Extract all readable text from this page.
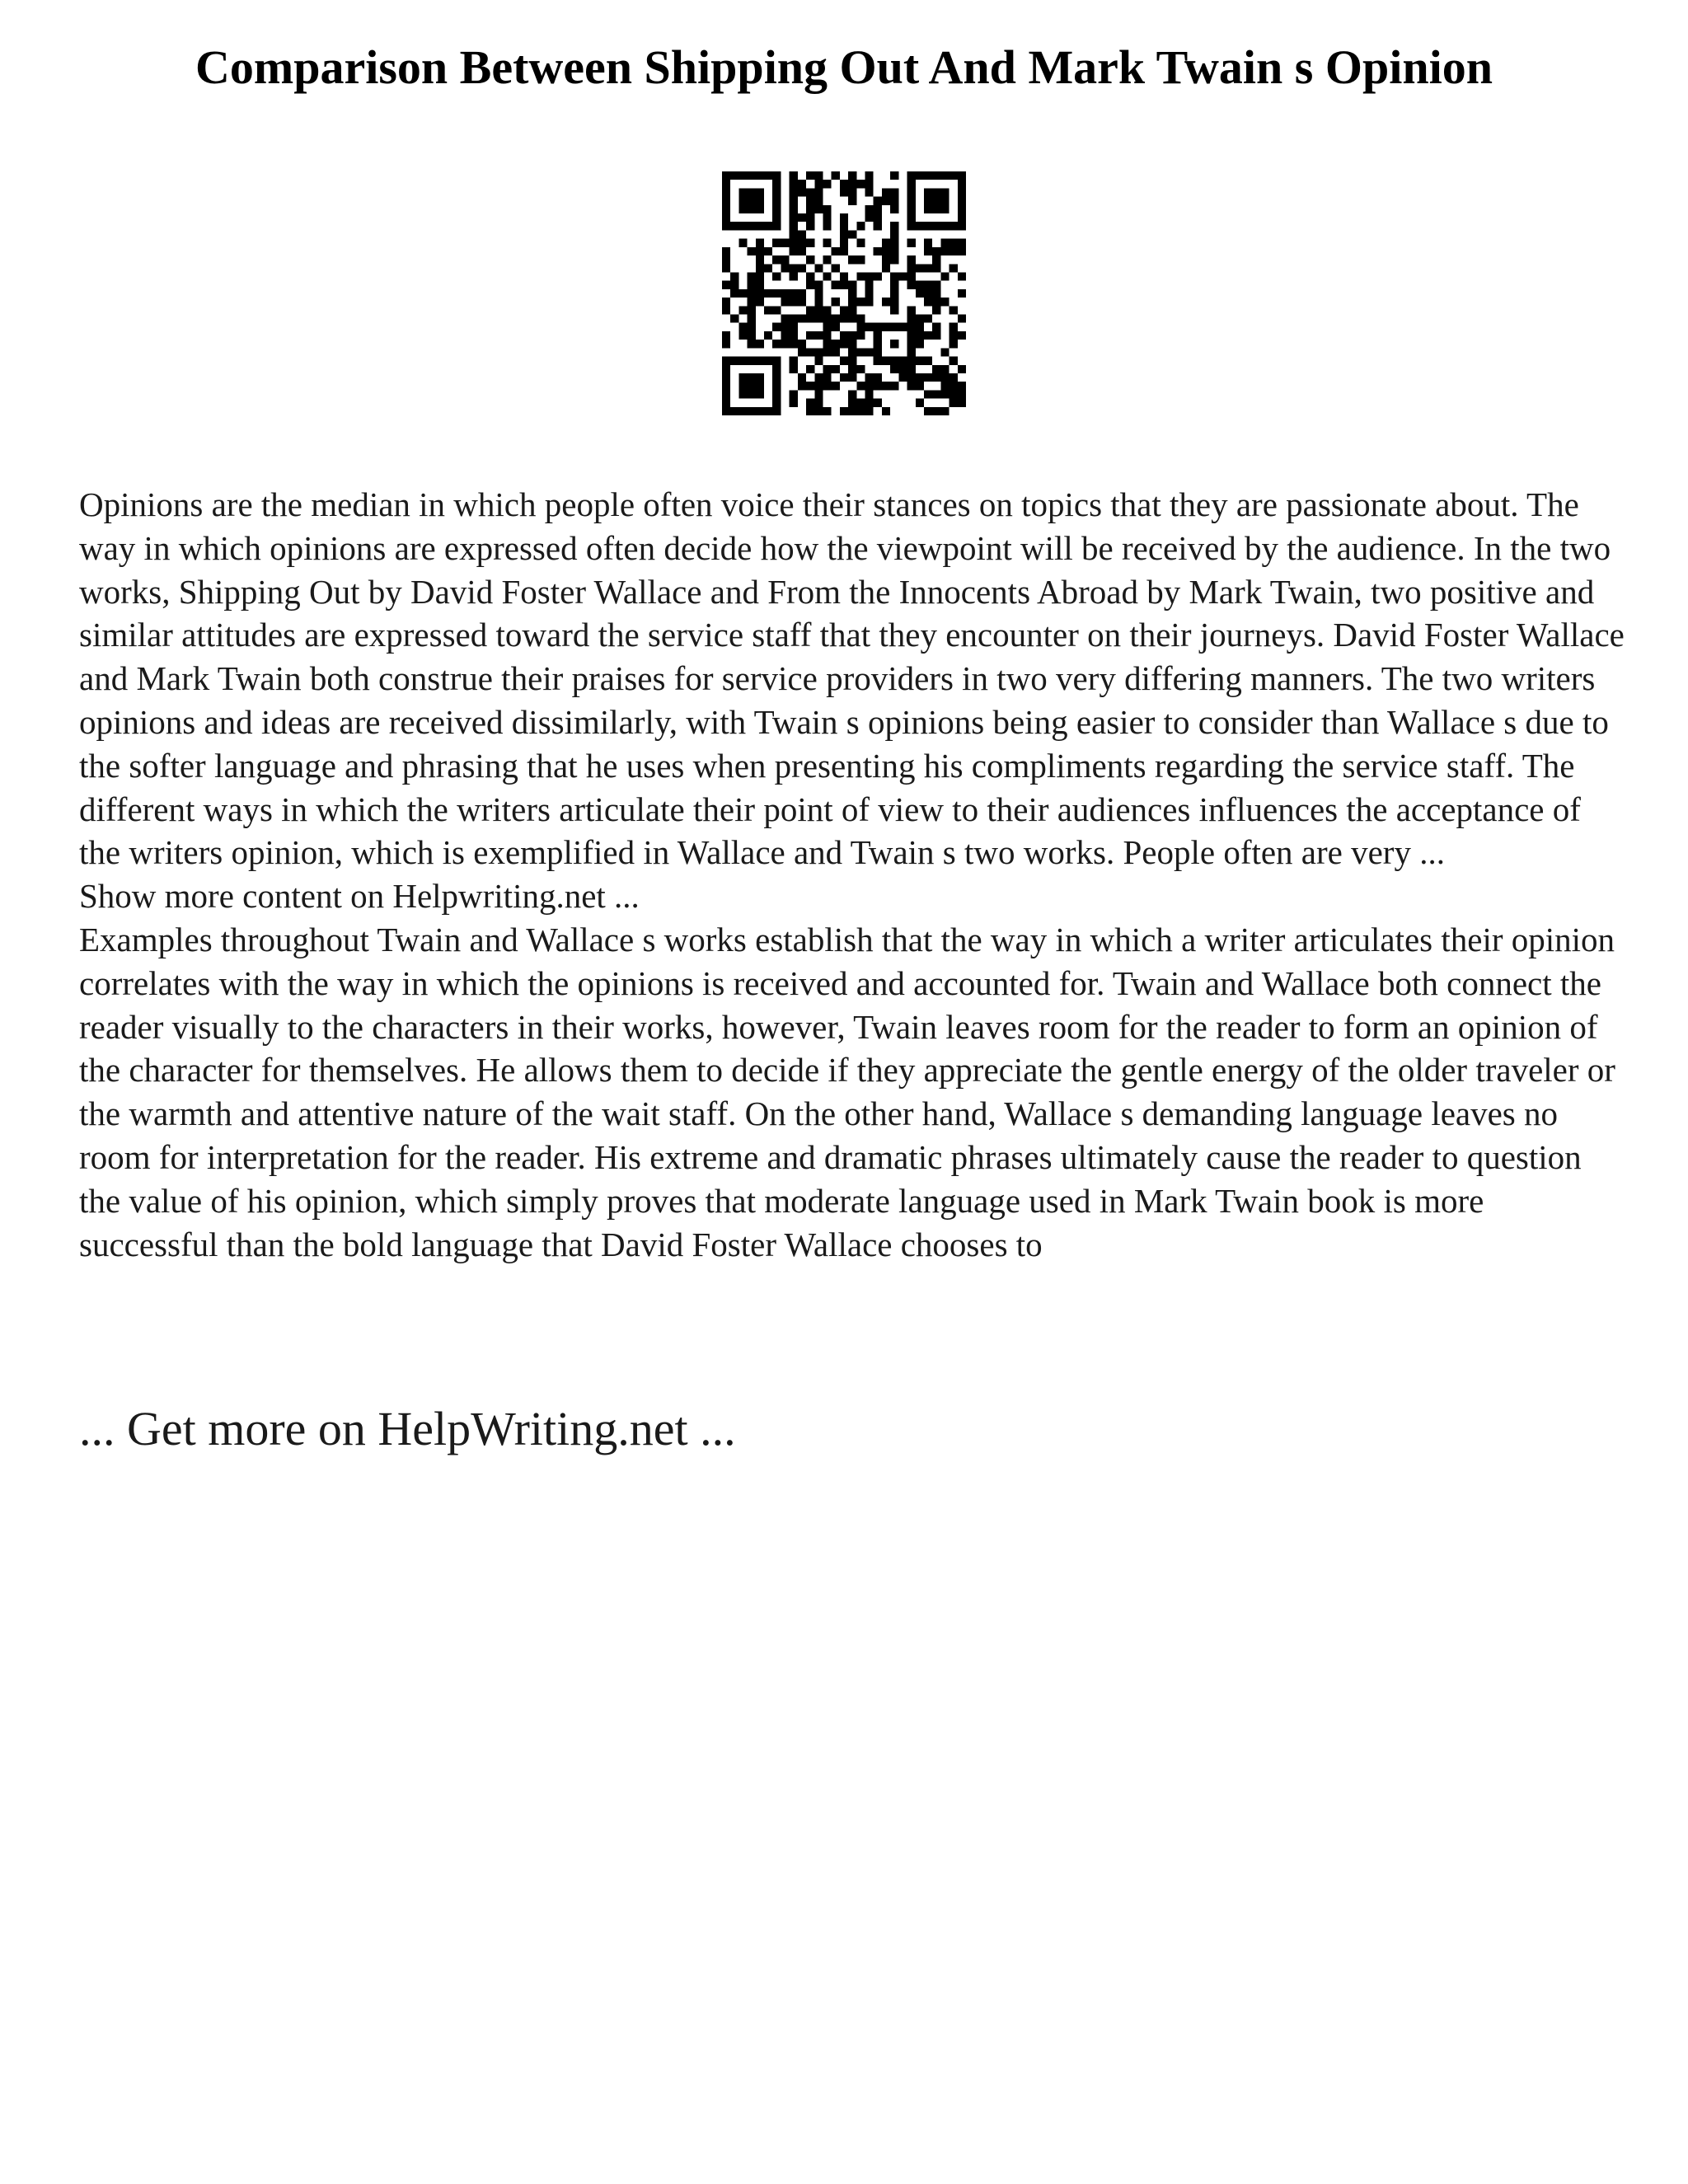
Comparison Between Shipping Out And Mark Twain s Opinion

Opinions are the median in which people often voice their stances on topics that they are passionate about. The way in which opinions are expressed often decide how the viewpoint will be received by the audience. In the two works, Shipping Out by David Foster Wallace and From the Innocents Abroad by Mark Twain, two positive and similar attitudes are expressed toward the service staff that they encounter on their journeys. David Foster Wallace and Mark Twain both construe their praises for service providers in two very differing manners. The two writers opinions and ideas are received dissimilarly, with Twain s opinions being easier to consider than Wallace s due to the softer language and phrasing that he uses when presenting his compliments regarding the service staff. The different ways in which the writers articulate their point of view to their audiences influences the acceptance of the writers opinion, which is exemplified in Wallace and Twain s two works. People often are very ...

Show more content on Helpwriting.net ...

Examples throughout Twain and Wallace s works establish that the way in which a writer articulates their opinion correlates with the way in which the opinions is received and accounted for. Twain and Wallace both connect the reader visually to the characters in their works, however, Twain leaves room for the reader to form an opinion of the character for themselves. He allows them to decide if they appreciate the gentle energy of the older traveler or the warmth and attentive nature of the wait staff. On the other hand, Wallace s demanding language leaves no room for interpretation for the reader. His extreme and dramatic phrases ultimately cause the reader to question the value of his opinion, which simply proves that moderate language used in Mark Twain book is more successful than the bold language that David Foster Wallace chooses to

... Get more on HelpWriting.net ...
